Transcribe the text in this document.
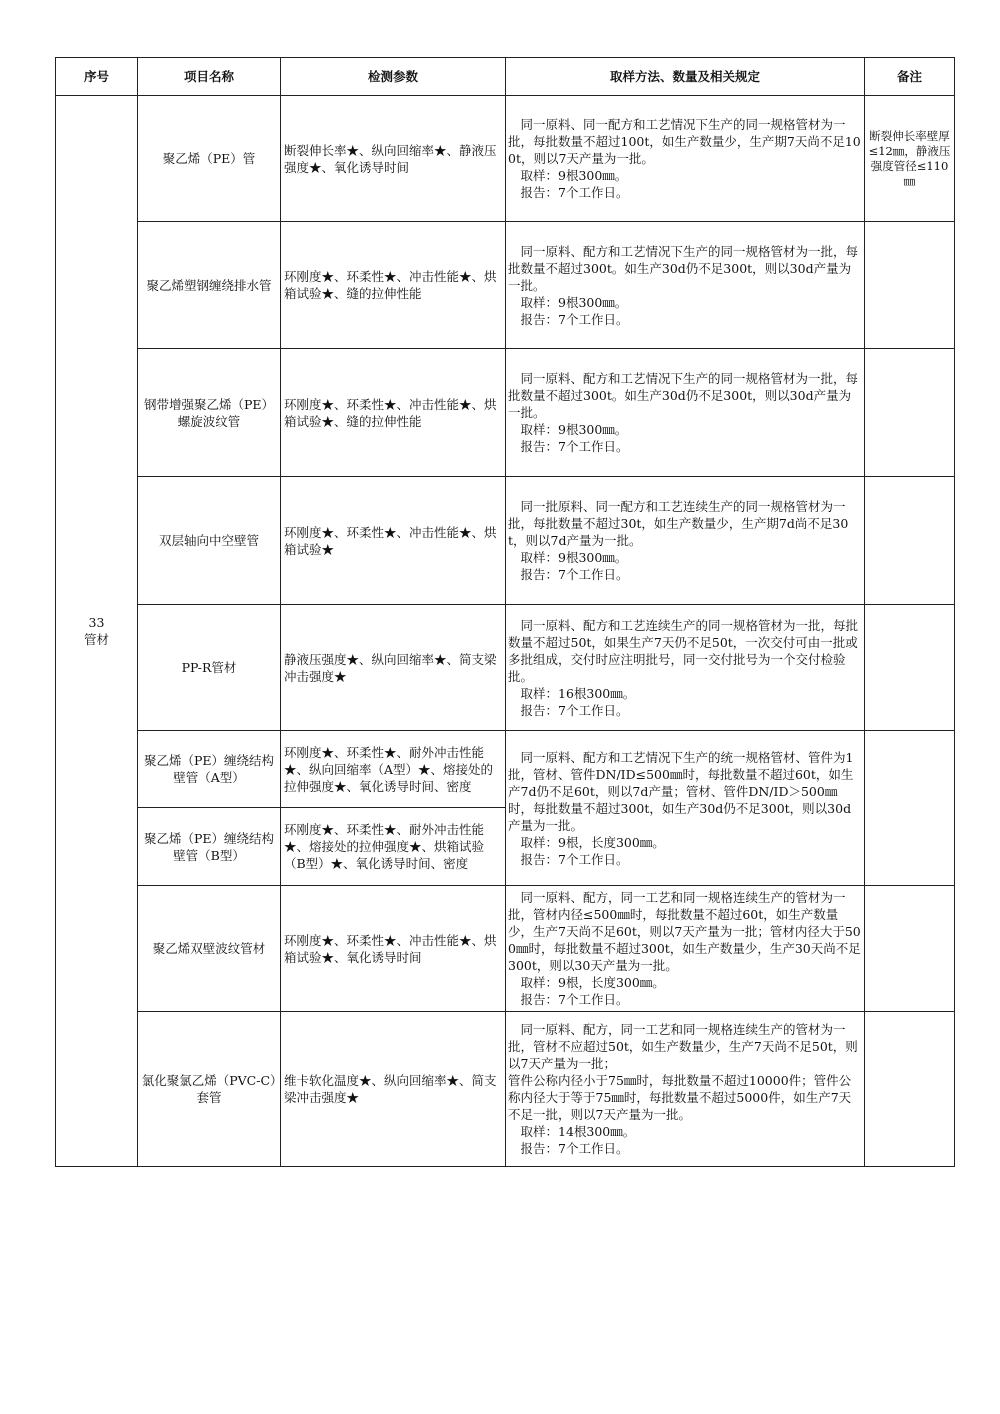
序号	项目名称	检测参数	取样方法、数量及相关规定	备注
33
管材	聚乙烯（PE）管	断裂伸长率★、纵向回缩率★、静液压强度★、氧化诱导时间	　同一原料、同一配方和工艺情况下生产的同一规格管材为一批，每批数量不超过100t，如生产数量少，生产期7天尚不足100t，则以7天产量为一批。
　取样：9根300㎜。
　报告：7个工作日。	断裂伸长率壁厚≤12㎜，静液压强度管径≤110㎜
	聚乙烯塑钢缠绕排水管	环刚度★、环柔性★、冲击性能★、烘箱试验★、缝的拉伸性能	　同一原料、配方和工艺情况下生产的同一规格管材为一批，每批数量不超过300t。如生产30d仍不足300t，则以30d产量为一批。
　取样：9根300㎜。
　报告：7个工作日。	
	钢带增强聚乙烯（PE）螺旋波纹管	环刚度★、环柔性★、冲击性能★、烘箱试验★、缝的拉伸性能	　同一原料、配方和工艺情况下生产的同一规格管材为一批，每批数量不超过300t。如生产30d仍不足300t，则以30d产量为一批。
　取样：9根300㎜。
　报告：7个工作日。	
	双层轴向中空壁管	环刚度★、环柔性★、冲击性能★、烘箱试验★	　同一批原料、同一配方和工艺连续生产的同一规格管材为一批，每批数量不超过30t，如生产数量少，生产期7d尚不足30t，则以7d产量为一批。
　取样：9根300㎜。
　报告：7个工作日。	
	PP-R管材	静液压强度★、纵向回缩率★、简支梁冲击强度★	　同一原料、配方和工艺连续生产的同一规格管材为一批，每批数量不超过50t，如果生产7天仍不足50t，一次交付可由一批或多批组成，交付时应注明批号，同一交付批号为一个交付检验批。
　取样：16根300㎜。
　报告：7个工作日。	
	聚乙烯（PE）缠绕结构壁管（A型）	环刚度★、环柔性★、耐外冲击性能★、纵向回缩率（A型）★、熔接处的拉伸强度★、氧化诱导时间、密度	　同一原料、配方和工艺情况下生产的统一规格管材、管件为1批，管材、管件DN/ID≤500㎜时，每批数量不超过60t，如生产7d仍不足60t，则以7d产量；管材、管件DN/ID＞500㎜时，每批数量不超过300t，如生产30d仍不足300t，则以30d产量为一批。
　取样：9根，长度300㎜。
　报告：7个工作日。	
	聚乙烯（PE）缠绕结构壁管（B型）	环刚度★、环柔性★、耐外冲击性能★、熔接处的拉伸强度★、烘箱试验（B型）★、氧化诱导时间、密度		
	聚乙烯双壁波纹管材	环刚度★、环柔性★、冲击性能★、烘箱试验★、氧化诱导时间	　同一原料、配方，同一工艺和同一规格连续生产的管材为一批，管材内径≤500㎜时，每批数量不超过60t，如生产数量少，生产7天尚不足60t，则以7天产量为一批；管材内径大于500㎜时，每批数量不超过300t，如生产数量少，生产30天尚不足300t，则以30天产量为一批。
　取样：9根，长度300㎜。
　报告：7个工作日。	
	氯化聚氯乙烯（PVC-C）套管	维卡软化温度★、纵向回缩率★、简支梁冲击强度★	　同一原料、配方，同一工艺和同一规格连续生产的管材为一批，管材不应超过50t，如生产数量少，生产7天尚不足50t，则以7天产量为一批；
管件公称内径小于75㎜时，每批数量不超过10000件；管件公称内径大于等于75㎜时，每批数量不超过5000件，如生产7天不足一批，则以7天产量为一批。
　取样：14根300㎜。
　报告：7个工作日。	
